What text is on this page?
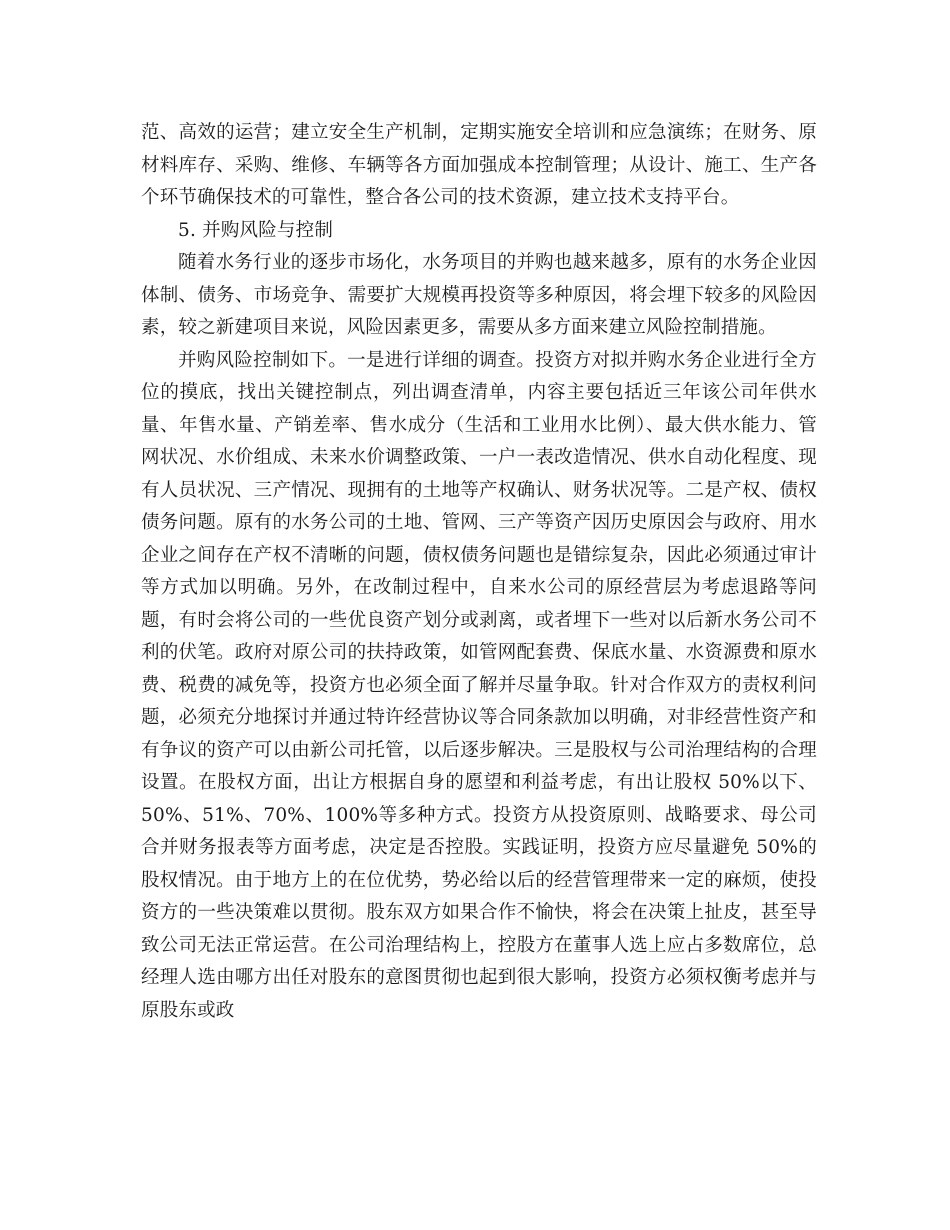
范、高效的运营；建立安全生产机制，定期实施安全培训和应急演练；在财务、原材料库存、采购、维修、车辆等各方面加强成本控制管理；从设计、施工、生产各个环节确保技术的可靠性，整合各公司的技术资源，建立技术支持平台。

5. 并购风险与控制

随着水务行业的逐步市场化，水务项目的并购也越来越多，原有的水务企业因体制、债务、市场竞争、需要扩大规模再投资等多种原因，将会埋下较多的风险因素，较之新建项目来说，风险因素更多，需要从多方面来建立风险控制措施。

并购风险控制如下。一是进行详细的调查。投资方对拟并购水务企业进行全方位的摸底，找出关键控制点，列出调查清单，内容主要包括近三年该公司年供水量、年售水量、产销差率、售水成分（生活和工业用水比例）、最大供水能力、管网状况、水价组成、未来水价调整政策、一户一表改造情况、供水自动化程度、现有人员状况、三产情况、现拥有的土地等产权确认、财务状况等。二是产权、债权债务问题。原有的水务公司的土地、管网、三产等资产因历史原因会与政府、用水企业之间存在产权不清晰的问题，债权债务问题也是错综复杂，因此必须通过审计等方式加以明确。另外，在改制过程中，自来水公司的原经营层为考虑退路等问题，有时会将公司的一些优良资产划分或剥离，或者埋下一些对以后新水务公司不利的伏笔。政府对原公司的扶持政策，如管网配套费、保底水量、水资源费和原水费、税费的减免等，投资方也必须全面了解并尽量争取。针对合作双方的责权利问题，必须充分地探讨并通过特许经营协议等合同条款加以明确，对非经营性资产和有争议的资产可以由新公司托管，以后逐步解决。三是股权与公司治理结构的合理设置。在股权方面，出让方根据自身的愿望和利益考虑，有出让股权 50%以下、50%、51%、70%、100%等多种方式。投资方从投资原则、战略要求、母公司合并财务报表等方面考虑，决定是否控股。实践证明，投资方应尽量避免 50%的股权情况。由于地方上的在位优势，势必给以后的经营管理带来一定的麻烦，使投资方的一些决策难以贯彻。股东双方如果合作不愉快，将会在决策上扯皮，甚至导致公司无法正常运营。在公司治理结构上，控股方在董事人选上应占多数席位，总经理人选由哪方出任对股东的意图贯彻也起到很大影响，投资方必须权衡考虑并与原股东或政
